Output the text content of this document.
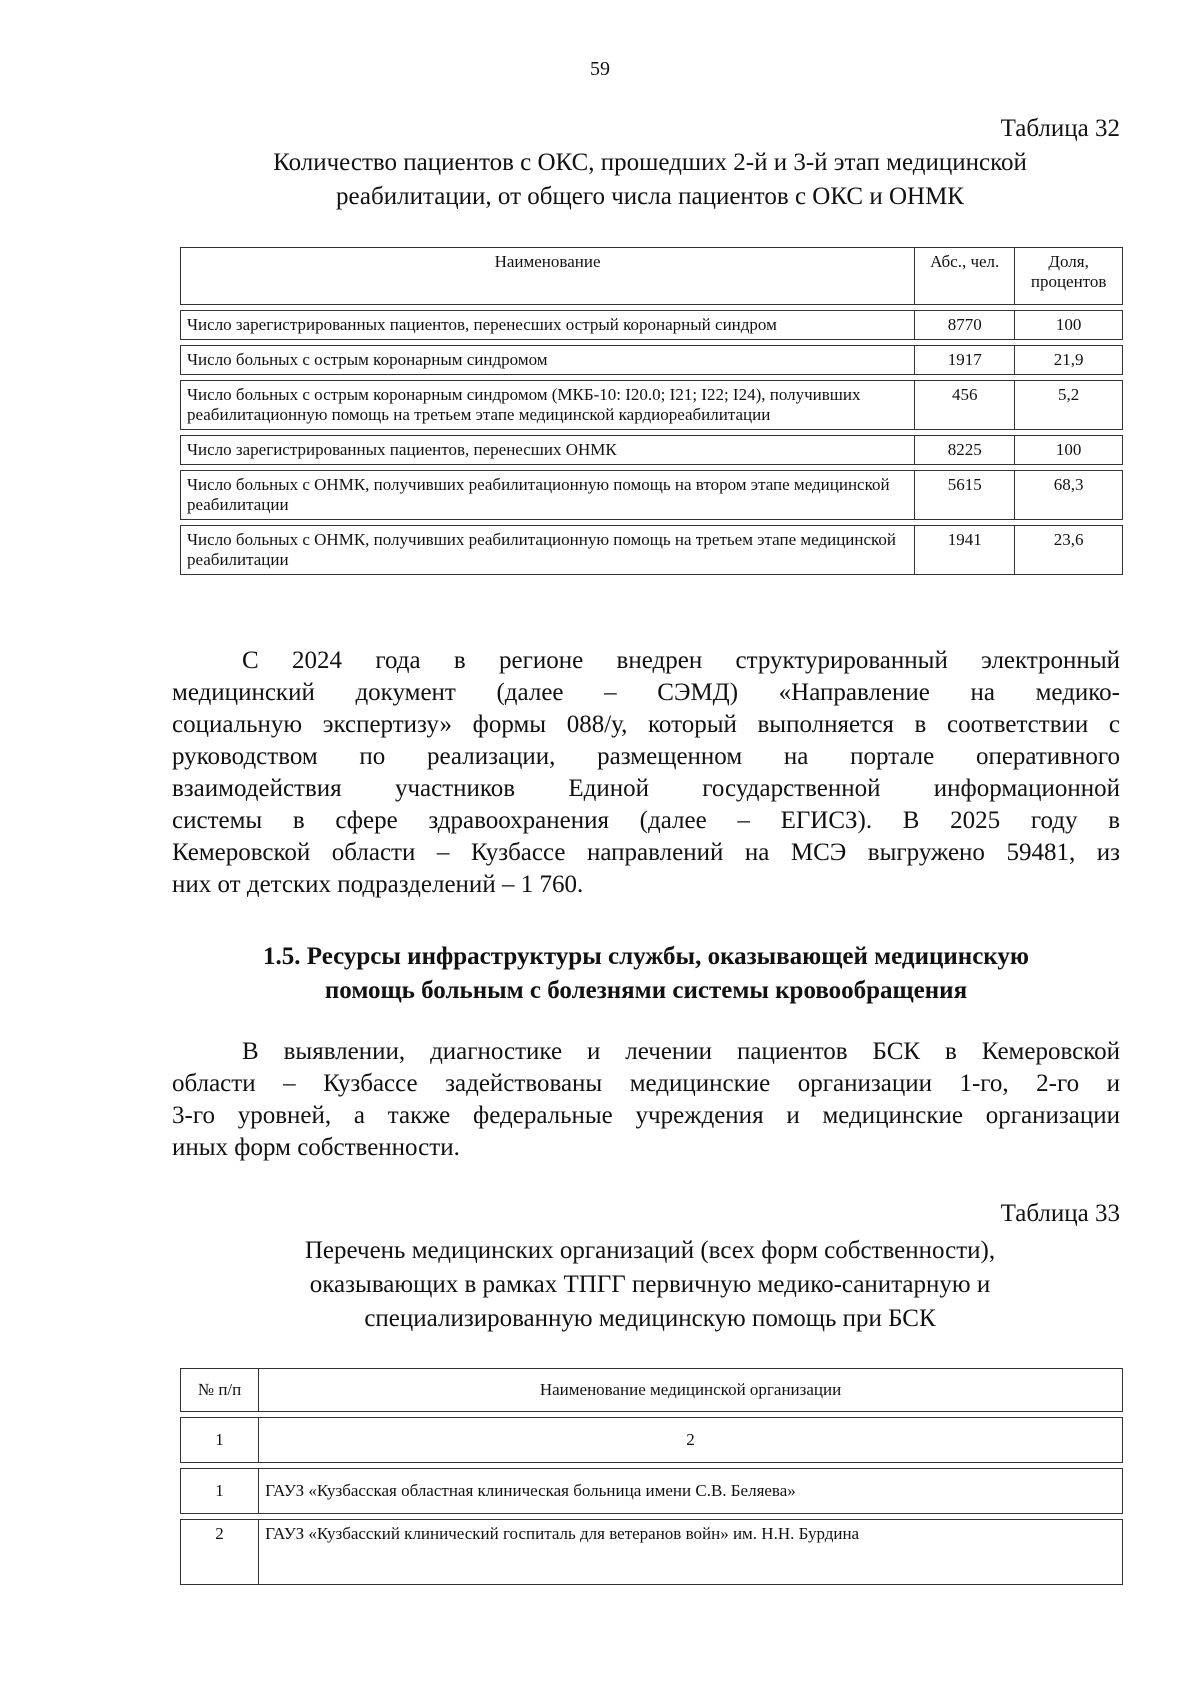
59
Таблица 32
Количество пациентов с ОКС, прошедших 2-й и 3-й этап медицинской
реабилитации, от общего числа пациентов с ОКС и ОНМК
Наименование	Абс., чел.	Доля, процентов
Число зарегистрированных пациентов, перенесших острый коронарный синдром	8770	100
Число больных с острым коронарным синдромом	1917	21,9
Число больных с острым коронарным синдромом (МКБ-10: I20.0; I21; I22; I24), получивших реабилитационную помощь на третьем этапе медицинской кардиореабилитации	456	5,2
Число зарегистрированных пациентов, перенесших ОНМК	8225	100
Число больных с ОНМК, получивших реабилитационную помощь на втором этапе медицинской реабилитации	5615	68,3
Число больных с ОНМК, получивших реабилитационную помощь на третьем этапе медицинской реабилитации	1941	23,6
С 2024 года в регионе внедрен структурированный электронный
медицинский документ (далее – СЭМД) «Направление на медико-
социальную экспертизу» формы 088/у, который выполняется в соответствии с
руководством по реализации, размещенном на портале оперативного
взаимодействия участников Единой государственной информационной
системы в сфере здравоохранения (далее – ЕГИСЗ). В 2025 году в
Кемеровской области – Кузбассе направлений на МСЭ выгружено 59481, из
них от детских подразделений – 1 760.
1.5. Ресурсы инфраструктуры службы, оказывающей медицинскую
помощь больным с болезнями системы кровообращения
В выявлении, диагностике и лечении пациентов БСК в Кемеровской
области – Кузбассе задействованы медицинские организации 1-го, 2-го и
3-го уровней, а также федеральные учреждения и медицинские организации
иных форм собственности.
Таблица 33
Перечень медицинских организаций (всех форм собственности),
оказывающих в рамках ТПГГ первичную медико-санитарную и
специализированную медицинскую помощь при БСК
№ п/п	Наименование медицинской организации
1	2
1	ГАУЗ «Кузбасская областная клиническая больница имени С.В. Беляева»
2	ГАУЗ «Кузбасский клинический госпиталь для ветеранов войн» им. Н.Н. Бурдина
